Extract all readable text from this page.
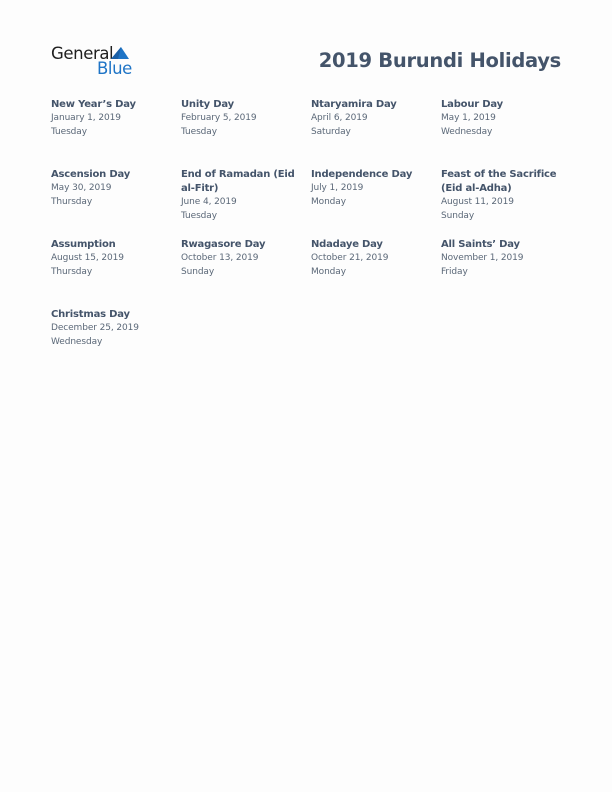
General
Blue	2019 Burundi Holidays
New Year’s Day
January 1, 2019
Tuesday
Unity Day
February 5, 2019
Tuesday
Ntaryamira Day
April 6, 2019
Saturday
Labour Day
May 1, 2019
Wednesday
Ascension Day
May 30, 2019
Thursday
End of Ramadan (Eid al-Fitr)
June 4, 2019
Tuesday
Independence Day
July 1, 2019
Monday
Feast of the Sacrifice (Eid al-Adha)
August 11, 2019
Sunday
Assumption
August 15, 2019
Thursday
Rwagasore Day
October 13, 2019
Sunday
Ndadaye Day
October 21, 2019
Monday
All Saints’ Day
November 1, 2019
Friday
Christmas Day
December 25, 2019
Wednesday
